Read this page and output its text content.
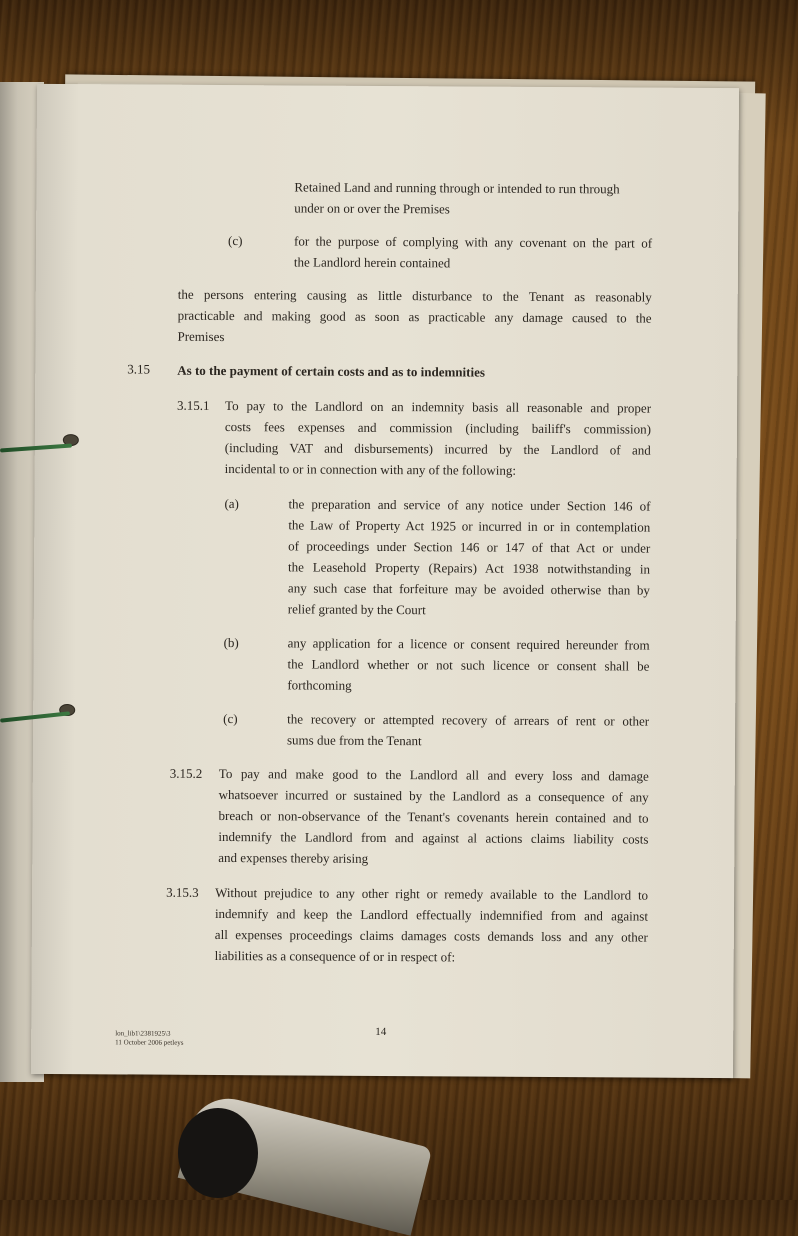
Retained Land and running through or intended to run through
under on or over the Premises
(c)	for the purpose of complying with any covenant on the part of
the Landlord herein contained
the persons entering causing as little disturbance to the Tenant as reasonably
practicable and making good as soon as practicable any damage caused to the
Premises
3.15 As to the payment of certain costs and as to indemnities
3.15.1 To pay to the Landlord on an indemnity basis all reasonable and proper
costs fees expenses and commission (including bailiff's commission)
(including VAT and disbursements) incurred by the Landlord of and
incidental to or in connection with any of the following:
(a)	the preparation and service of any notice under Section 146 of
the Law of Property Act 1925 or incurred in or in contemplation
of proceedings under Section 146 or 147 of that Act or under
the Leasehold Property (Repairs) Act 1938 notwithstanding in
any such case that forfeiture may be avoided otherwise than by
relief granted by the Court
(b)	any application for a licence or consent required hereunder from
the Landlord whether or not such licence or consent shall be
forthcoming
(c)	the recovery or attempted recovery of arrears of rent or other
sums due from the Tenant
3.15.2 To pay and make good to the Landlord all and every loss and damage
whatsoever incurred or sustained by the Landlord as a consequence of any
breach or non-observance of the Tenant's covenants herein contained and to
indemnify the Landlord from and against al actions claims liability costs
and expenses thereby arising
3.15.3 Without prejudice to any other right or remedy available to the Landlord to
indemnify and keep the Landlord effectually indemnified from and against
all expenses proceedings claims damages costs demands loss and any other
liabilities as a consequence of or in respect of:
lon_lib1\2381925\3
11 October 2006 petleys
14
